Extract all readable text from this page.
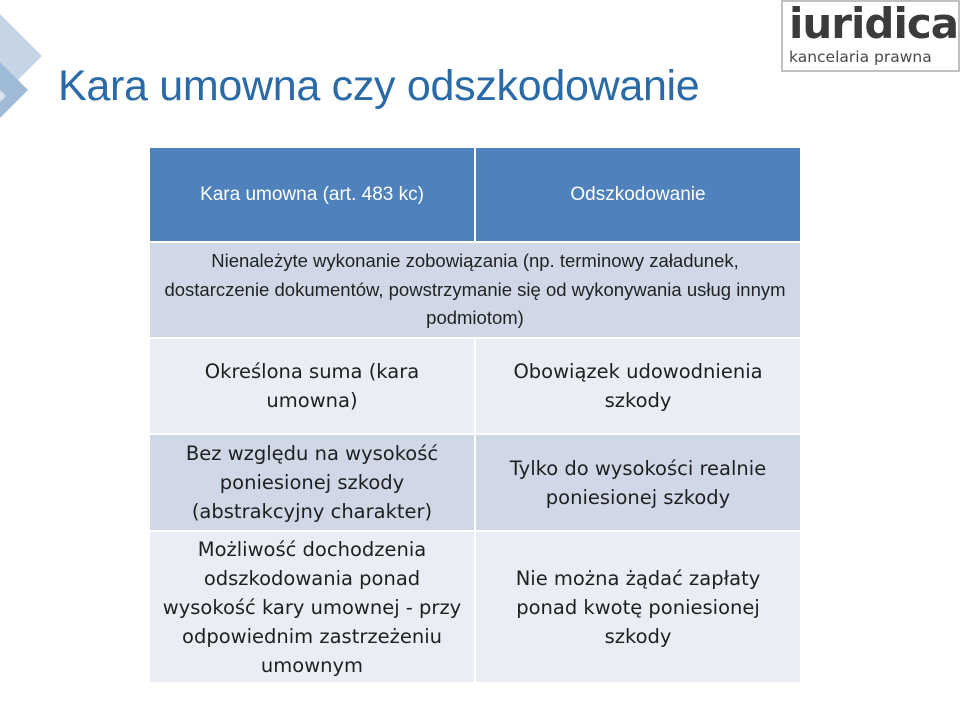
Kara umowna czy odszkodowanie
iuridica
kancelaria prawna
Kara umowna (art. 483 kc)	Odszkodowanie
Nienależyte wykonanie zobowiązania (np. terminowy załadunek, dostarczenie dokumentów, powstrzymanie się od wykonywania usług innym podmiotom)	
Określona suma (kara umowna)	Obowiązek udowodnienia szkody
Bez względu na wysokość poniesionej szkody (abstrakcyjny charakter)	Tylko do wysokości realnie poniesionej szkody
Możliwość dochodzenia odszkodowania ponad wysokość kary umownej - przy odpowiednim zastrzeżeniu umownym	Nie można żądać zapłaty ponad kwotę poniesionej szkody
